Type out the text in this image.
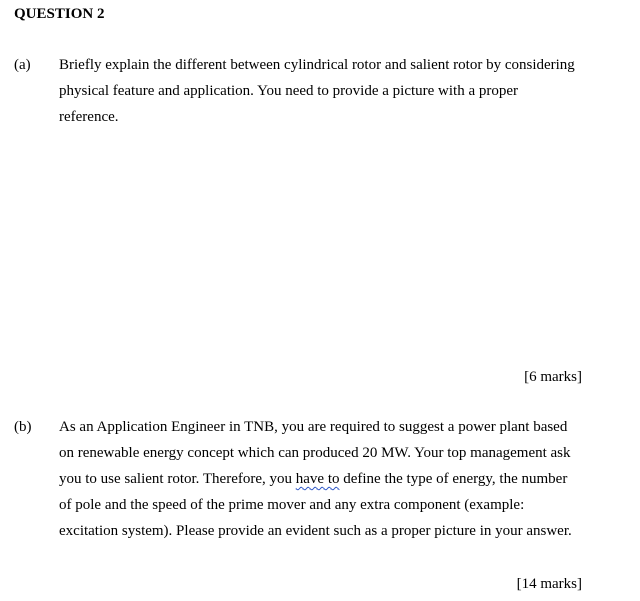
QUESTION 2
(a) Briefly explain the different between cylindrical rotor and salient rotor by considering
physical feature and application. You need to provide a picture with a proper
reference.
[6 marks]
(b) As an Application Engineer in TNB, you are required to suggest a power plant based
on renewable energy concept which can produced 20 MW. Your top management ask
you to use salient rotor. Therefore, you have to define the type of energy, the number
of pole and the speed of the prime mover and any extra component (example:
excitation system). Please provide an evident such as a proper picture in your answer.
[14 marks]
